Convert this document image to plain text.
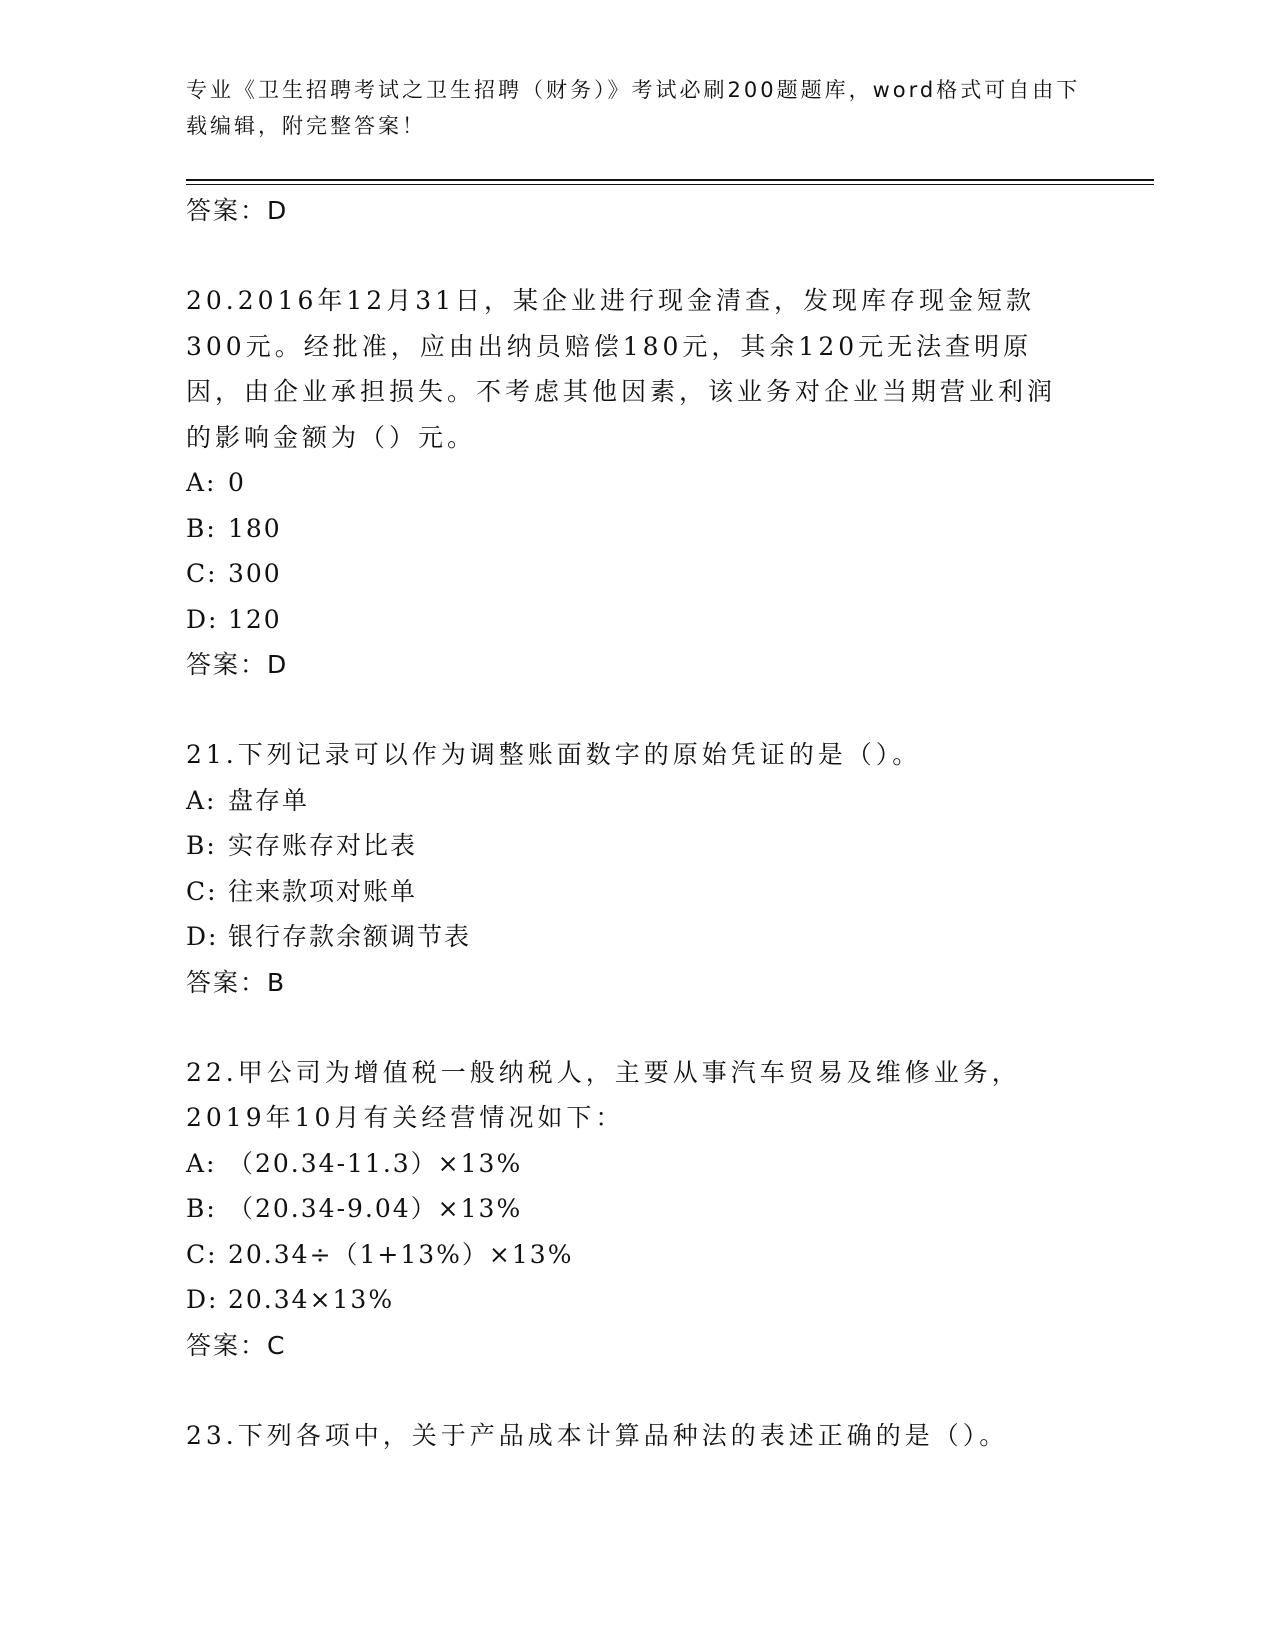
专业《卫生招聘考试之卫生招聘（财务）》考试必刷200题题库，word格式可自由下载编辑，附完整答案！
答案：D
20.2016年12月31日，某企业进行现金清查，发现库存现金短款300元。经批准，应由出纳员赔偿180元，其余120元无法查明原因，由企业承担损失。不考虑其他因素，该业务对企业当期营业利润的影响金额为（）元。
A: 0
B: 180
C: 300
D: 120
答案：D
21.下列记录可以作为调整账面数字的原始凭证的是（）。
A: 盘存单
B: 实存账存对比表
C: 往来款项对账单
D: 银行存款余额调节表
答案：B
22.甲公司为增值税一般纳税人，主要从事汽车贸易及维修业务，2019年10月有关经营情况如下：
A: （20.34-11.3）×13%
B: （20.34-9.04）×13%
C: 20.34÷（1+13%）×13%
D: 20.34×13%
答案：C
23.下列各项中，关于产品成本计算品种法的表述正确的是（）。
